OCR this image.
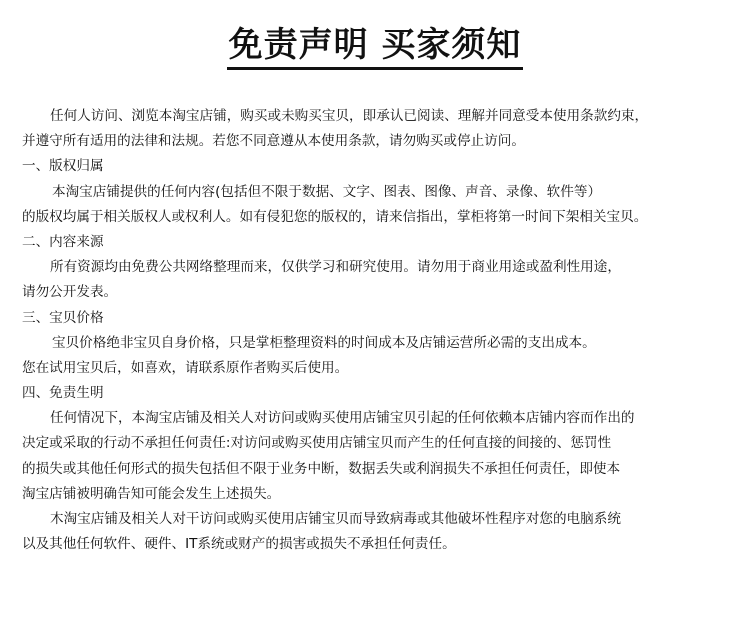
免责声明 买家须知
任何人访问、浏览本淘宝店铺，购买或未购买宝贝，即承认已阅读、理解并同意受本使用条款约束，
并遵守所有适用的法律和法规。若您不同意遵从本使用条款，请勿购买或停止访问。
一、版权归属
本淘宝店铺提供的任何内容(包括但不限于数据、文字、图表、图像、声音、录像、软件等）
的版权均属于相关版权人或权利人。如有侵犯您的版权的，请来信指出，掌柜将第一时间下架相关宝贝。
二、内容来源
所有资源均由免费公共网络整理而来，仅供学习和研究使用。请勿用于商业用途或盈利性用途，
请勿公开发表。
三、宝贝价格
宝贝价格绝非宝贝自身价格，只是掌柜整理资料的时间成本及店铺运营所必需的支出成本。
您在试用宝贝后，如喜欢，请联系原作者购买后使用。
四、免责生明
任何情况下，本淘宝店铺及相关人对访问或购买使用店铺宝贝引起的任何依赖本店铺内容而作出的
决定或采取的行动不承担任何责任:对访问或购买使用店铺宝贝而产生的任何直接的间接的、惩罚性
的损失或其他任何形式的损失包括但不限于业务中断，数据丢失或利润损失不承担任何责任，即使本
淘宝店铺被明确告知可能会发生上述损失。
木淘宝店铺及相关人对干访问或购买使用店铺宝贝而导致病毒或其他破坏性程序对您的电脑系统
以及其他任何软件、硬件、IT系统或财产的损害或损失不承担任何责任。
